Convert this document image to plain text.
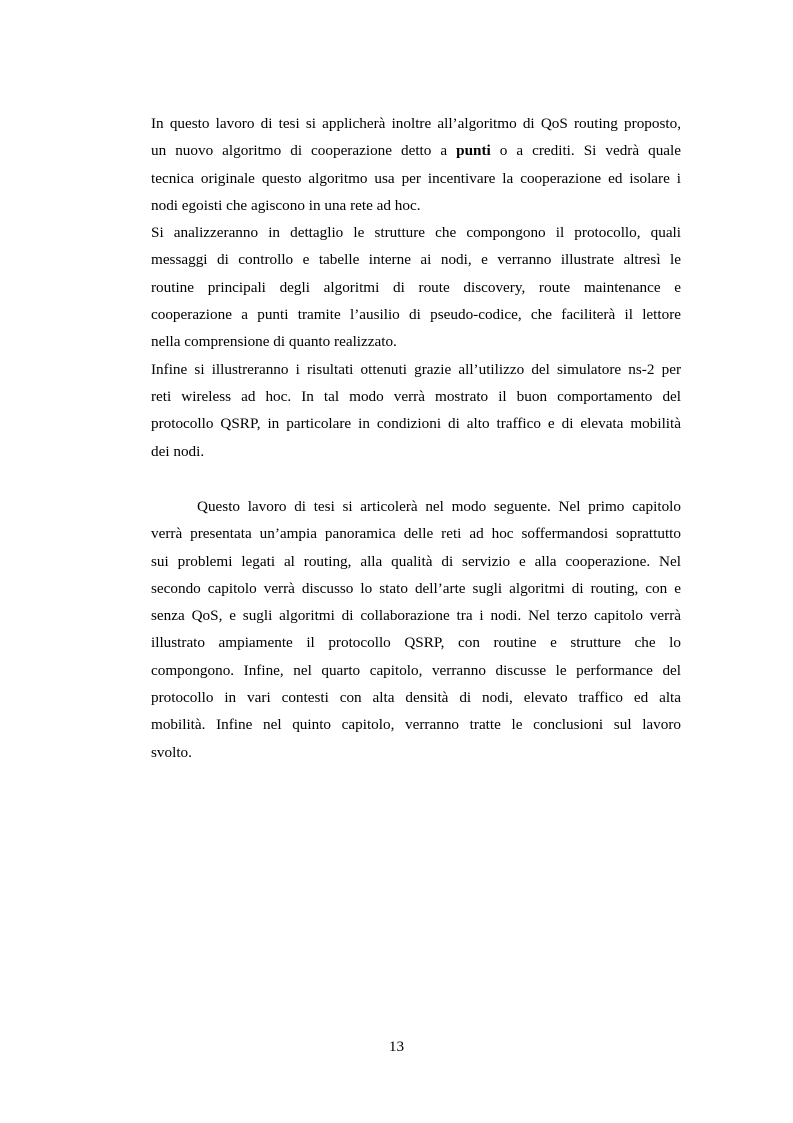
In questo lavoro di tesi si applicherà inoltre all’algoritmo di QoS routing proposto,
un nuovo algoritmo di cooperazione detto a punti o a crediti. Si vedrà quale
tecnica originale questo algoritmo usa per incentivare la cooperazione ed isolare i
nodi egoisti che agiscono in una rete ad hoc.
Si analizzeranno in dettaglio le strutture che compongono il protocollo, quali
messaggi di controllo e tabelle interne ai nodi, e verranno illustrate altresì le
routine principali degli algoritmi di route discovery, route maintenance e
cooperazione a punti tramite l’ausilio di pseudo-codice, che faciliterà il lettore
nella comprensione di quanto realizzato.
Infine si illustreranno i risultati ottenuti grazie all’utilizzo del simulatore ns-2 per
reti wireless ad hoc. In tal modo verrà mostrato il buon comportamento del
protocollo QSRP, in particolare in condizioni di alto traffico e di elevata mobilità
dei nodi.
Questo lavoro di tesi si articolerà nel modo seguente. Nel primo capitolo
verrà presentata un’ampia panoramica delle reti ad hoc soffermandosi soprattutto
sui problemi legati al routing, alla qualità di servizio e alla cooperazione. Nel
secondo capitolo verrà discusso lo stato dell’arte sugli algoritmi di routing, con e
senza QoS, e sugli algoritmi di collaborazione tra i nodi. Nel terzo capitolo verrà
illustrato ampiamente il protocollo QSRP, con routine e strutture che lo
compongono. Infine, nel quarto capitolo, verranno discusse le performance del
protocollo in vari contesti con alta densità di nodi, elevato traffico ed alta
mobilità. Infine nel quinto capitolo, verranno tratte le conclusioni sul lavoro
svolto.
13
